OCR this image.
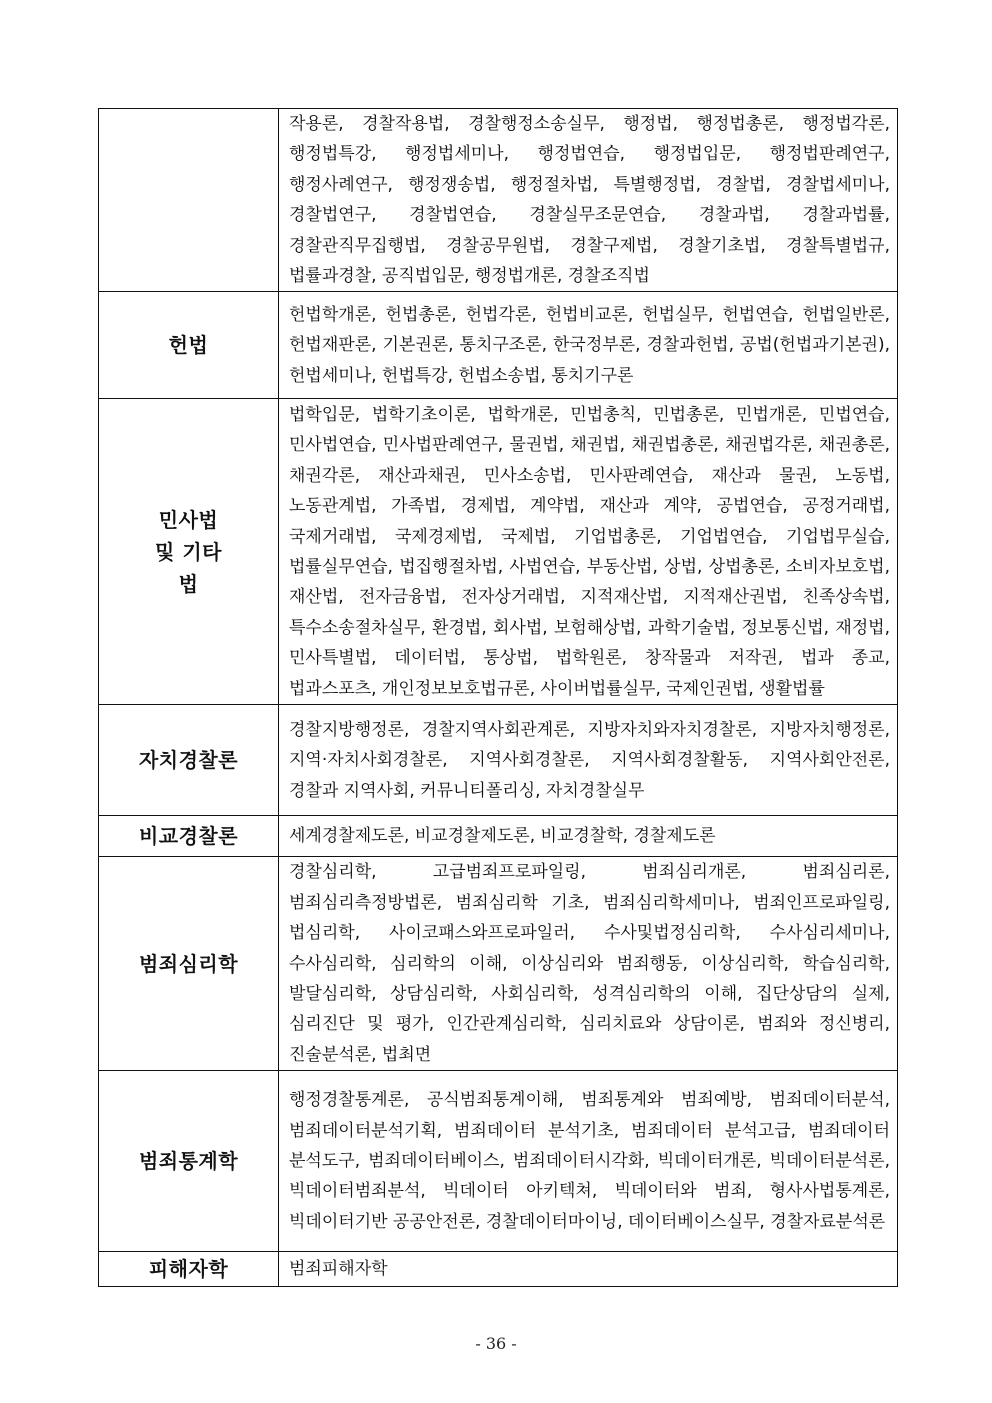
	작용론, 경찰작용법, 경찰행정소송실무, 행정법, 행정법총론, 행정법각론, 행정법특강, 행정법세미나, 행정법연습, 행정법입문, 행정법판례연구, 행정사례연구, 행정쟁송법, 행정절차법, 특별행정법, 경찰법, 경찰법세미나, 경찰법연구, 경찰법연습, 경찰실무조문연습, 경찰과법, 경찰과법률, 경찰관직무집행법, 경찰공무원법, 경찰구제법, 경찰기초법, 경찰특별법규, 법률과경찰, 공직법입문, 행정법개론, 경찰조직법
헌법	헌법학개론, 헌법총론, 헌법각론, 헌법비교론, 헌법실무, 헌법연습, 헌법일반론, 헌법재판론, 기본권론, 통치구조론, 한국정부론, 경찰과헌법, 공법(헌법과기본권), 헌법세미나, 헌법특강, 헌법소송법, 통치기구론

민사법 및 기타법	법학입문, 법학기초이론, 법학개론, 민법총칙, 민법총론, 민법개론, 민법연습, 민사법연습, 민사법판례연구, 물권법, 채권법, 채권법총론, 채권법각론, 채권총론, 채권각론, 재산과채권, 민사소송법, 민사판례연습, 재산과 물권, 노동법, 노동관계법, 가족법, 경제법, 계약법, 재산과 계약, 공법연습, 공정거래법, 국제거래법, 국제경제법, 국제법, 기업법총론, 기업법연습, 기업법무실습, 법률실무연습, 법집행절차법, 사법연습, 부동산법, 상법, 상법총론, 소비자보호법, 재산법, 전자금융법, 전자상거래법, 지적재산법, 지적재산권법, 친족상속법, 특수소송절차실무, 환경법, 회사법, 보험해상법, 과학기술법, 정보통신법, 재정법, 민사특별법, 데이터법, 통상법, 법학원론, 창작물과 저작권, 법과 종교, 법과스포츠, 개인정보보호법규론, 사이버법률실무, 국제인권법, 생활법률
자치경찰론	경찰지방행정론, 경찰지역사회관계론, 지방자치와자치경찰론, 지방자치행정론, 지역·자치사회경찰론, 지역사회경찰론, 지역사회경찰활동, 지역사회안전론, 경찰과 지역사회, 커뮤니티폴리싱, 자치경찰실무
비교경찰론	세계경찰제도론, 비교경찰제도론, 비교경찰학, 경찰제도론
범죄심리학	경찰심리학, 고급범죄프로파일링, 범죄심리개론, 범죄심리론, 범죄심리측정방법론, 범죄심리학 기초, 범죄심리학세미나, 범죄인프로파일링, 법심리학, 사이코패스와프로파일러, 수사및법정심리학, 수사심리세미나, 수사심리학, 심리학의 이해, 이상심리와 범죄행동, 이상심리학, 학습심리학, 발달심리학, 상담심리학, 사회심리학, 성격심리학의 이해, 집단상담의 실제, 심리진단 및 평가, 인간관계심리학, 심리치료와 상담이론, 범죄와 정신병리, 진술분석론, 법최면
범죄통계학	행정경찰통계론, 공식범죄통계이해, 범죄통계와 범죄예방, 범죄데이터분석, 범죄데이터분석기획, 범죄데이터 분석기초, 범죄데이터 분석고급, 범죄데이터 분석도구, 범죄데이터베이스, 범죄데이터시각화, 빅데이터개론, 빅데이터분석론, 빅데이터범죄분석, 빅데이터 아키텍쳐, 빅데이터와 범죄, 형사사법통계론, 빅데이터기반 공공안전론, 경찰데이터마이닝, 데이터베이스실무, 경찰자료분석론
피해자학	범죄피해자학
- 36 -
